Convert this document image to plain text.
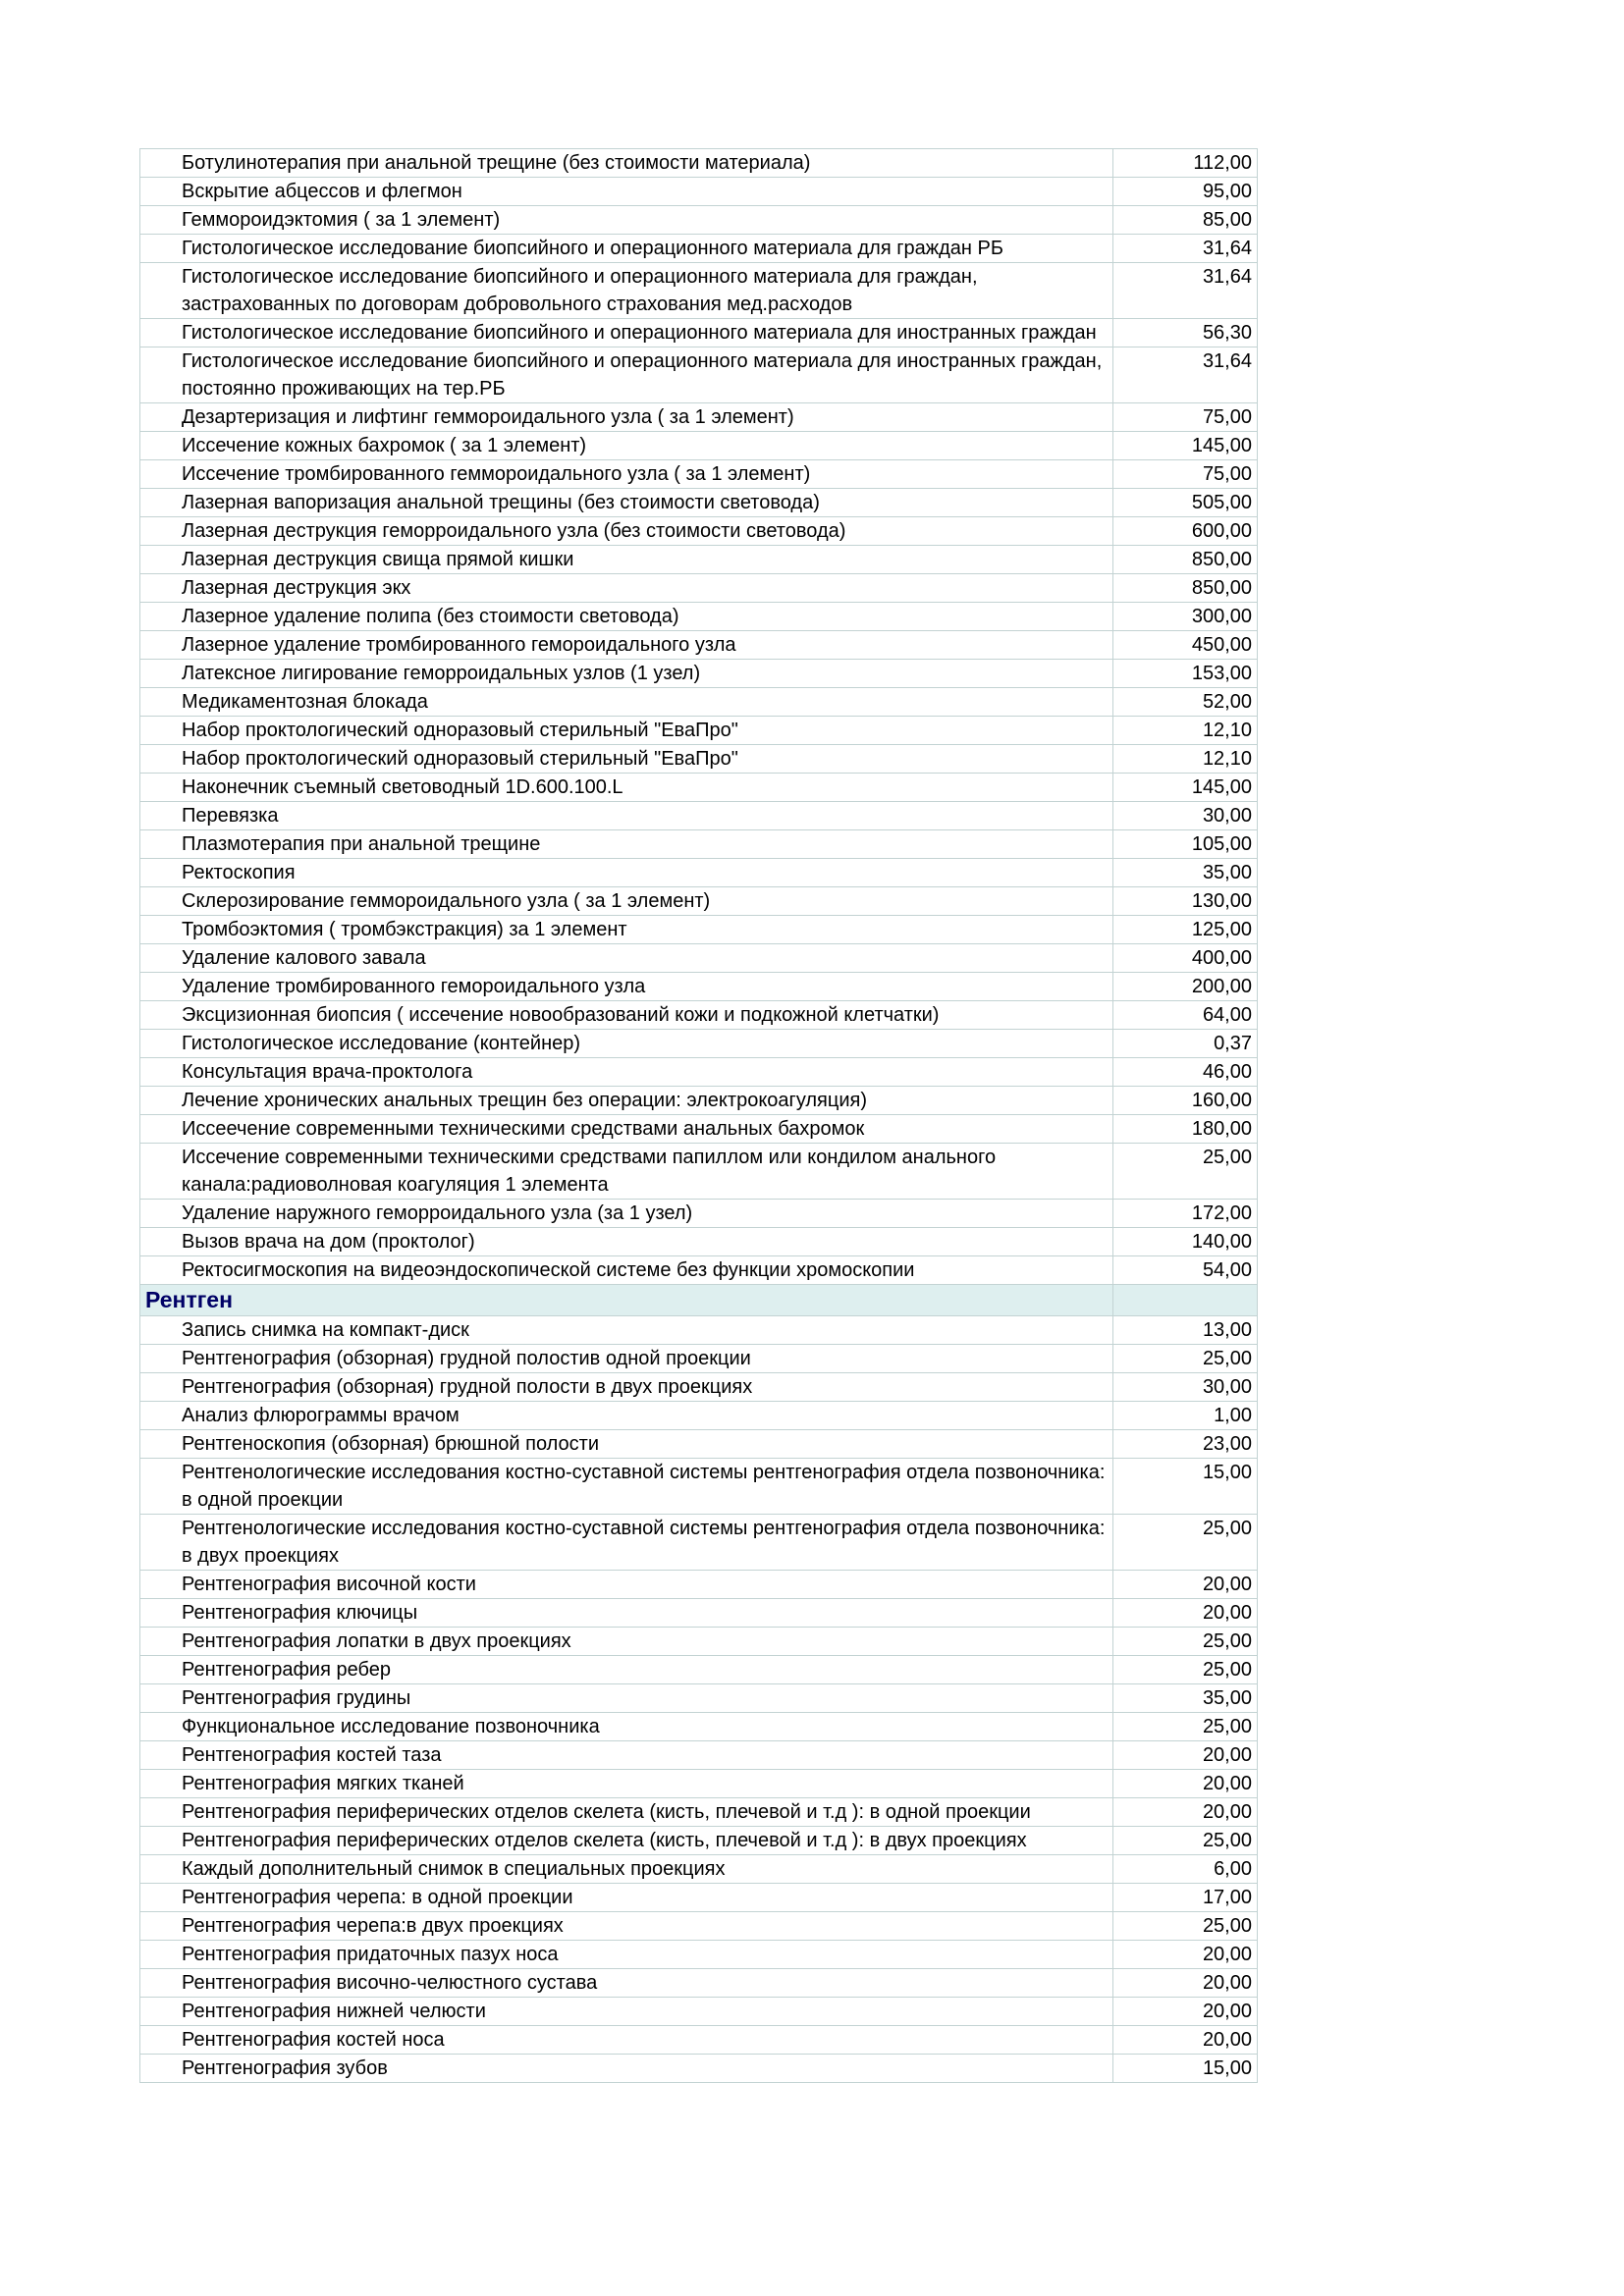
Ботулинотерапия при анальной трещине (без стоимости материала)	112,00
Вскрытие абцессов и флегмон	95,00
Геммороидэктомия ( за 1 элемент)	85,00
Гистологическое исследование биопсийного и операционного материала для граждан РБ	31,64
Гистологическое исследование биопсийного и операционного материала для граждан, застрахованных по договорам добровольного страхования мед.расходов	31,64
Гистологическое исследование биопсийного и операционного материала для иностранных граждан	56,30
Гистологическое исследование биопсийного и операционного материала для иностранных граждан, постоянно проживающих на тер.РБ	31,64
Дезартеризация и лифтинг геммороидального узла ( за 1 элемент)	75,00
Иссечение кожных бахромок ( за 1 элемент)	145,00
Иссечение тромбированного геммороидального узла ( за 1 элемент)	75,00
Лазерная вапоризация анальной трещины (без стоимости световода)	505,00
Лазерная деструкция геморроидального узла (без стоимости световода)	600,00
Лазерная деструкция свища прямой кишки	850,00
Лазерная деструкция экх	850,00
Лазерное удаление полипа (без стоимости световода)	300,00
Лазерное удаление тромбированного гемороидального узла	450,00
Латексное лигирование геморроидальных узлов (1 узел)	153,00
Медикаментозная блокада	52,00
Набор проктологический одноразовый стерильный "ЕваПро"	12,10
Набор проктологический одноразовый стерильный "ЕваПро"	12,10
Наконечник съемный световодный 1D.600.100.L	145,00
Перевязка	30,00
Плазмотерапия при анальной трещине	105,00
Ректоскопия	35,00
Склерозирование геммороидального узла ( за 1 элемент)	130,00
Тромбоэктомия ( тромбэкстракция) за 1 элемент	125,00
Удаление калового завала	400,00
Удаление тромбированного гемороидального узла	200,00
Эксцизионная биопсия ( иссечение новообразований кожи и подкожной клетчатки)	64,00
Гистологическое исследование (контейнер)	0,37
Консультация врача-проктолога	46,00
Лечение хронических анальных трещин без операции: электрокоагуляция)	160,00
Иссеечение современными техническими средствами анальных бахромок	180,00
Иссечение современными техническими средствами папиллом или кондилом анального канала:радиоволновая коагуляция 1 элемента	25,00
Удаление наружного геморроидального узла (за 1 узел)	172,00
Вызов врача на дом (проктолог)	140,00
Ректосигмоскопия на видеоэндоскопической системе без функции хромоскопии	54,00
Рентген	
Запись снимка на компакт-диск	13,00
Рентгенография (обзорная) грудной полостив одной проекции	25,00
Рентгенография (обзорная) грудной полости в двух проекциях	30,00
Анализ флюрограммы врачом	1,00
Рентгеноскопия (обзорная) брюшной полости	23,00
Рентгенологические исследования костно-суставной системы рентгенография отдела позвоночника: в одной проекции	15,00
Рентгенологические исследования костно-суставной системы рентгенография отдела позвоночника: в двух проекциях	25,00
Рентгенография височной кости	20,00
Рентгенография ключицы	20,00
Рентгенография лопатки в двух проекциях	25,00
Рентгенография ребер	25,00
Рентгенография грудины	35,00
Функциональное исследование позвоночника	25,00
Рентгенография костей таза	20,00
Рентгенография мягких тканей	20,00
Рентгенография периферических отделов скелета (кисть, плечевой и т.д ): в одной проекции	20,00
Рентгенография периферических отделов скелета (кисть, плечевой и т.д ): в двух проекциях	25,00
Каждый дополнительный снимок в специальных проекциях	6,00
Рентгенография черепа: в одной проекции	17,00
Рентгенография черепа:в двух проекциях	25,00
Рентгенография придаточных пазух носа	20,00
Рентгенография височно-челюстного сустава	20,00
Рентгенография нижней челюсти	20,00
Рентгенография костей носа	20,00
Рентгенография зубов	15,00
